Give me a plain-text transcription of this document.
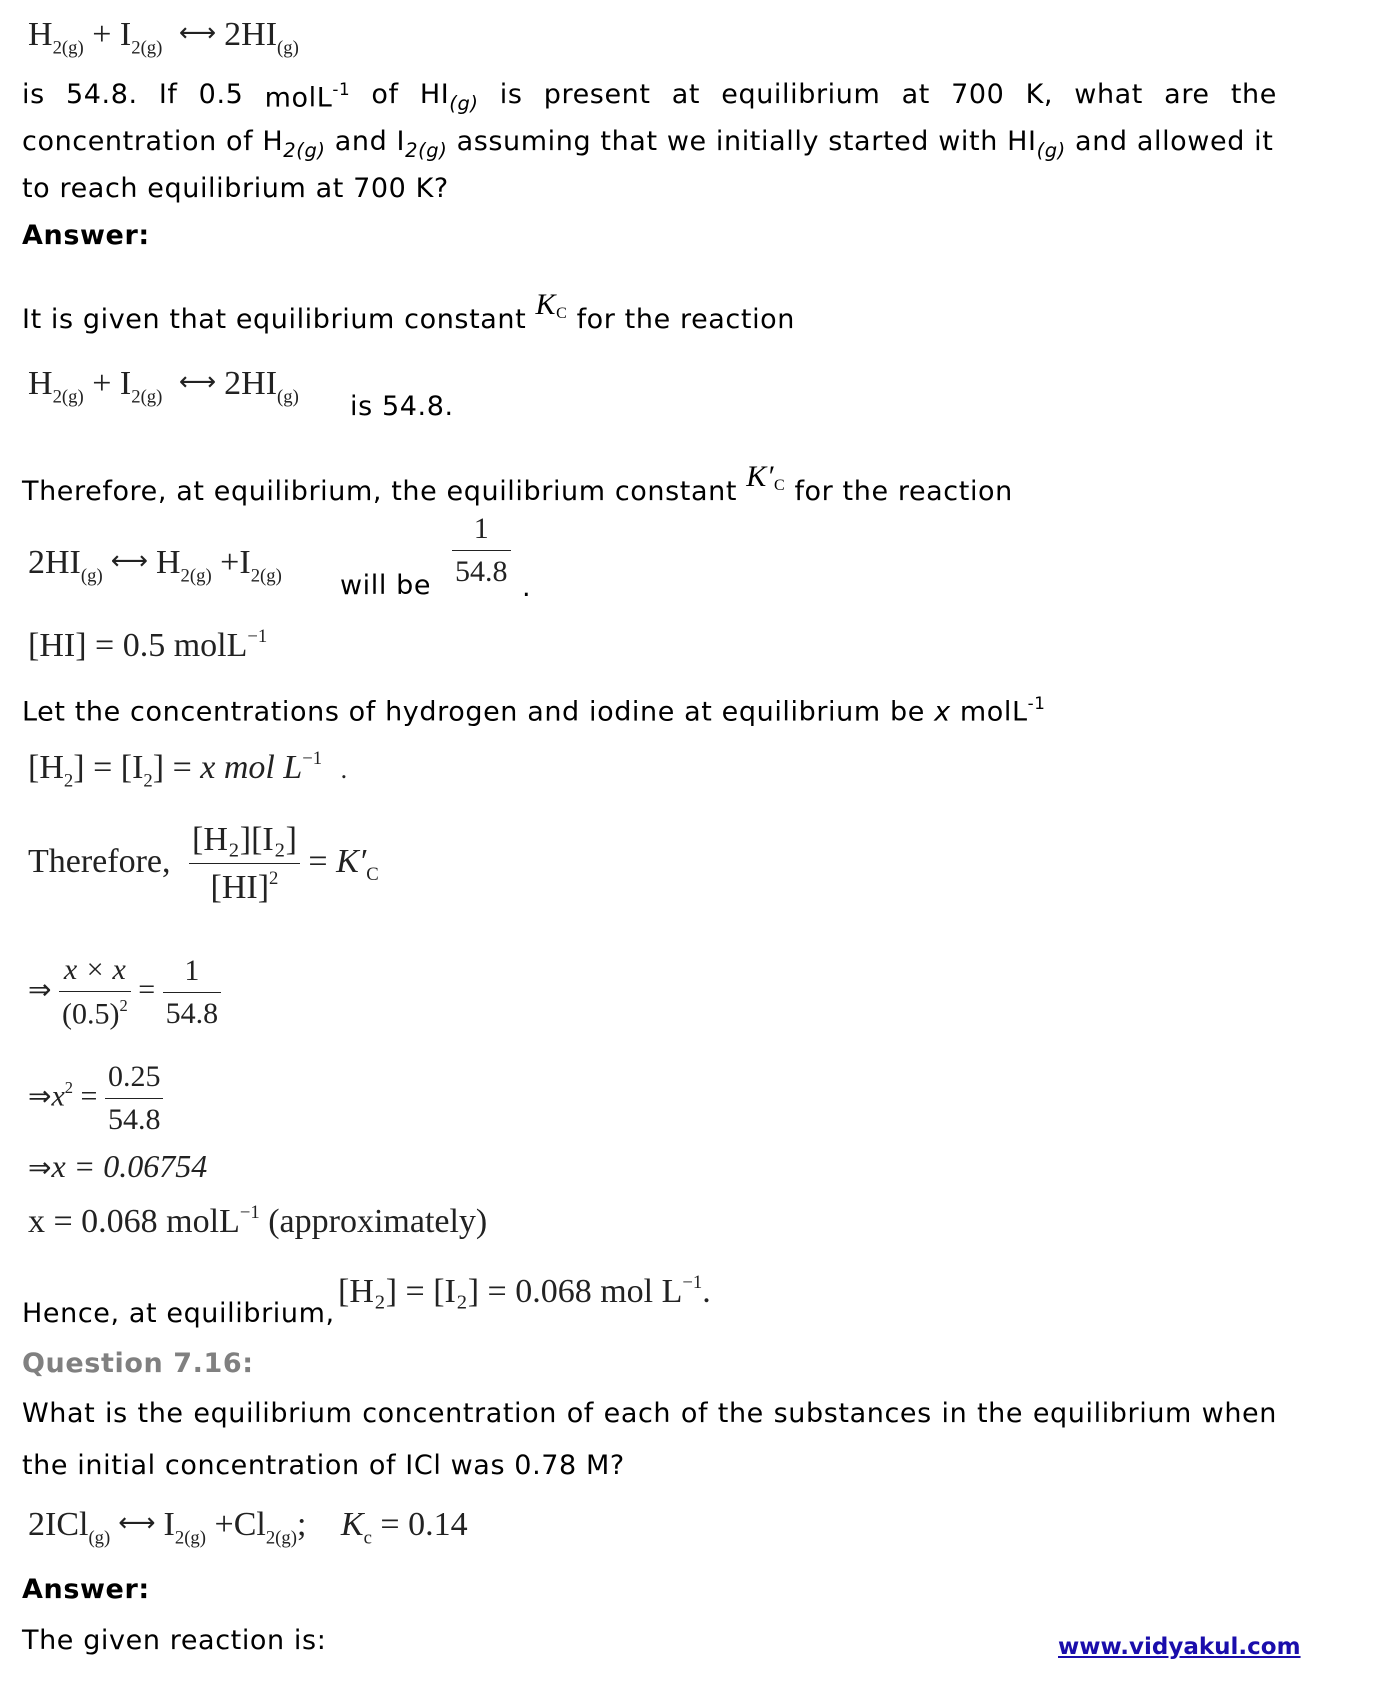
$H_{2(g)} + I_{2(g)}$ ⟷ $2HI_{(g)}$
is 54.8. If 0.5 molL$^{-1}$ of $HI_{(g)}$ is present at equilibrium at 700 K, what are the
concentration of $H_{2(g)}$ and $I_{2(g)}$ assuming that we initially started with $HI_{(g)}$ and allowed it
to reach equilibrium at 700 K?
Answer:
It is given that equilibrium constant KC for the reaction
$H_{2(g)} + I_{2(g)}$ ⟷ $2HI_{(g)}$ is 54.8.
Therefore, at equilibrium, the equilibrium constant K′C for the reaction
$2HI_{(g)}$ ⟷ $H_{2(g)} +I_{2(g)}$ will be $\frac{1}{54.8}$
.
[HI] = 0.5 molL$^{-1}$
Let the concentrations of hydrogen and iodine at equilibrium be x molL$^{-1}$
$[H_2] = [I_2] = x$ mol $L^{-1}$ .
Therefore, $\frac{\text{[H₂][I₂]}}{[HI]^2} = K'_C$
⇒ $\frac{x \times x}{(0.5)^2} = \frac{1}{54.8}$
$\Rightarrow x^2 = \frac{0.25}{54.8}$
⇒x = 0.06754
x = 0.068 molL$^{-1}$ (approximately)
Hence, at equilibrium,
[H₂] = [I₂] = 0.068 mol $L^{-1}$.
Question 7.16:
What is the equilibrium concentration of each of the substances in the equilibrium when
the initial concentration of ICl was 0.78 M?
2ICl$_{(g)}$ ⟷ $I_{2(g)} +Cl_{2(g)}$; $K_c = 0.14$
Answer:
The given reaction is:	www.vidyakul.com
